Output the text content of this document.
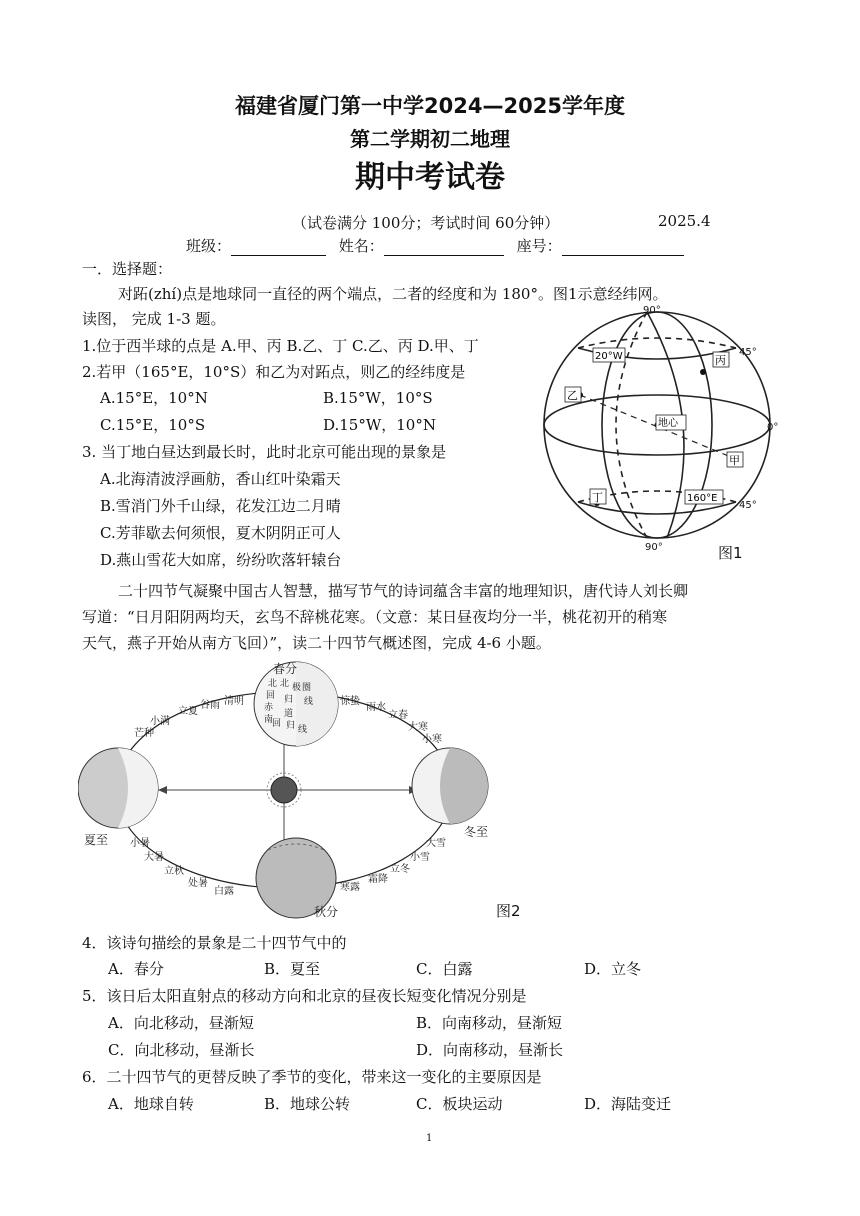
福建省厦门第一中学2024—2025学年度
第二学期初二地理
期中考试卷
（试卷满分 100分；考试时间 60分钟）	2025.4
班级：	姓名：	座号：
一．选择题：
对跖(zhí)点是地球同一直径的两个端点，二者的经度和为 180°。图1示意经纬网。
读图， 完成 1-3 题。
1.位于西半球的点是 A.甲、丙 B.乙、丁 C.乙、丙 D.甲、丁
2.若甲（165°E，10°S）和乙为对跖点，则乙的经纬度是
A.15°E，10°N	B.15°W，10°S
C.15°E，10°S	D.15°W，10°N
3. 当丁地白昼达到最长时，此时北京可能出现的景象是
A.北海清波浮画舫，香山红叶染霜天
B.雪消门外千山绿，花发江边二月晴
C.芳菲歇去何须恨，夏木阴阴正可人
D.燕山雪花大如席，纷纷吹落轩辕台
90°
90°
0°
45°
45°
20°W
160°E
地心
丙
乙
甲
丁
图1
二十四节气凝聚中国古人智慧，描写节气的诗词蕴含丰富的地理知识，唐代诗人刘长卿
写道：“日月阳阴两均天，玄鸟不辞桃花寒。（文意：某日昼夜均分一半，桃花初开的稍寒
天气，燕子开始从南方飞回）”，读二十四节气概述图，完成 4-6 小题。
春分
夏至
冬至
秋分
立夏
谷雨 清明
小满
芒种
惊蛰
雨水
立春
大寒
小寒
小暑
大暑
立秋
处暑
白露
大雪
小雪
立冬
霜降
寒露
北 北 极 圈
回 归
赤
线
道
南
回 归 线
图2
4．该诗句描绘的景象是二十四节气中的
A．春分	B．夏至	C．白露	D．立冬
5．该日后太阳直射点的移动方向和北京的昼夜长短变化情况分别是
A．向北移动，昼渐短	B．向南移动，昼渐短
C．向北移动，昼渐长	D．向南移动，昼渐长
6．二十四节气的更替反映了季节的变化，带来这一变化的主要原因是
A．地球自转	B．地球公转	C．板块运动	D．海陆变迁
1
